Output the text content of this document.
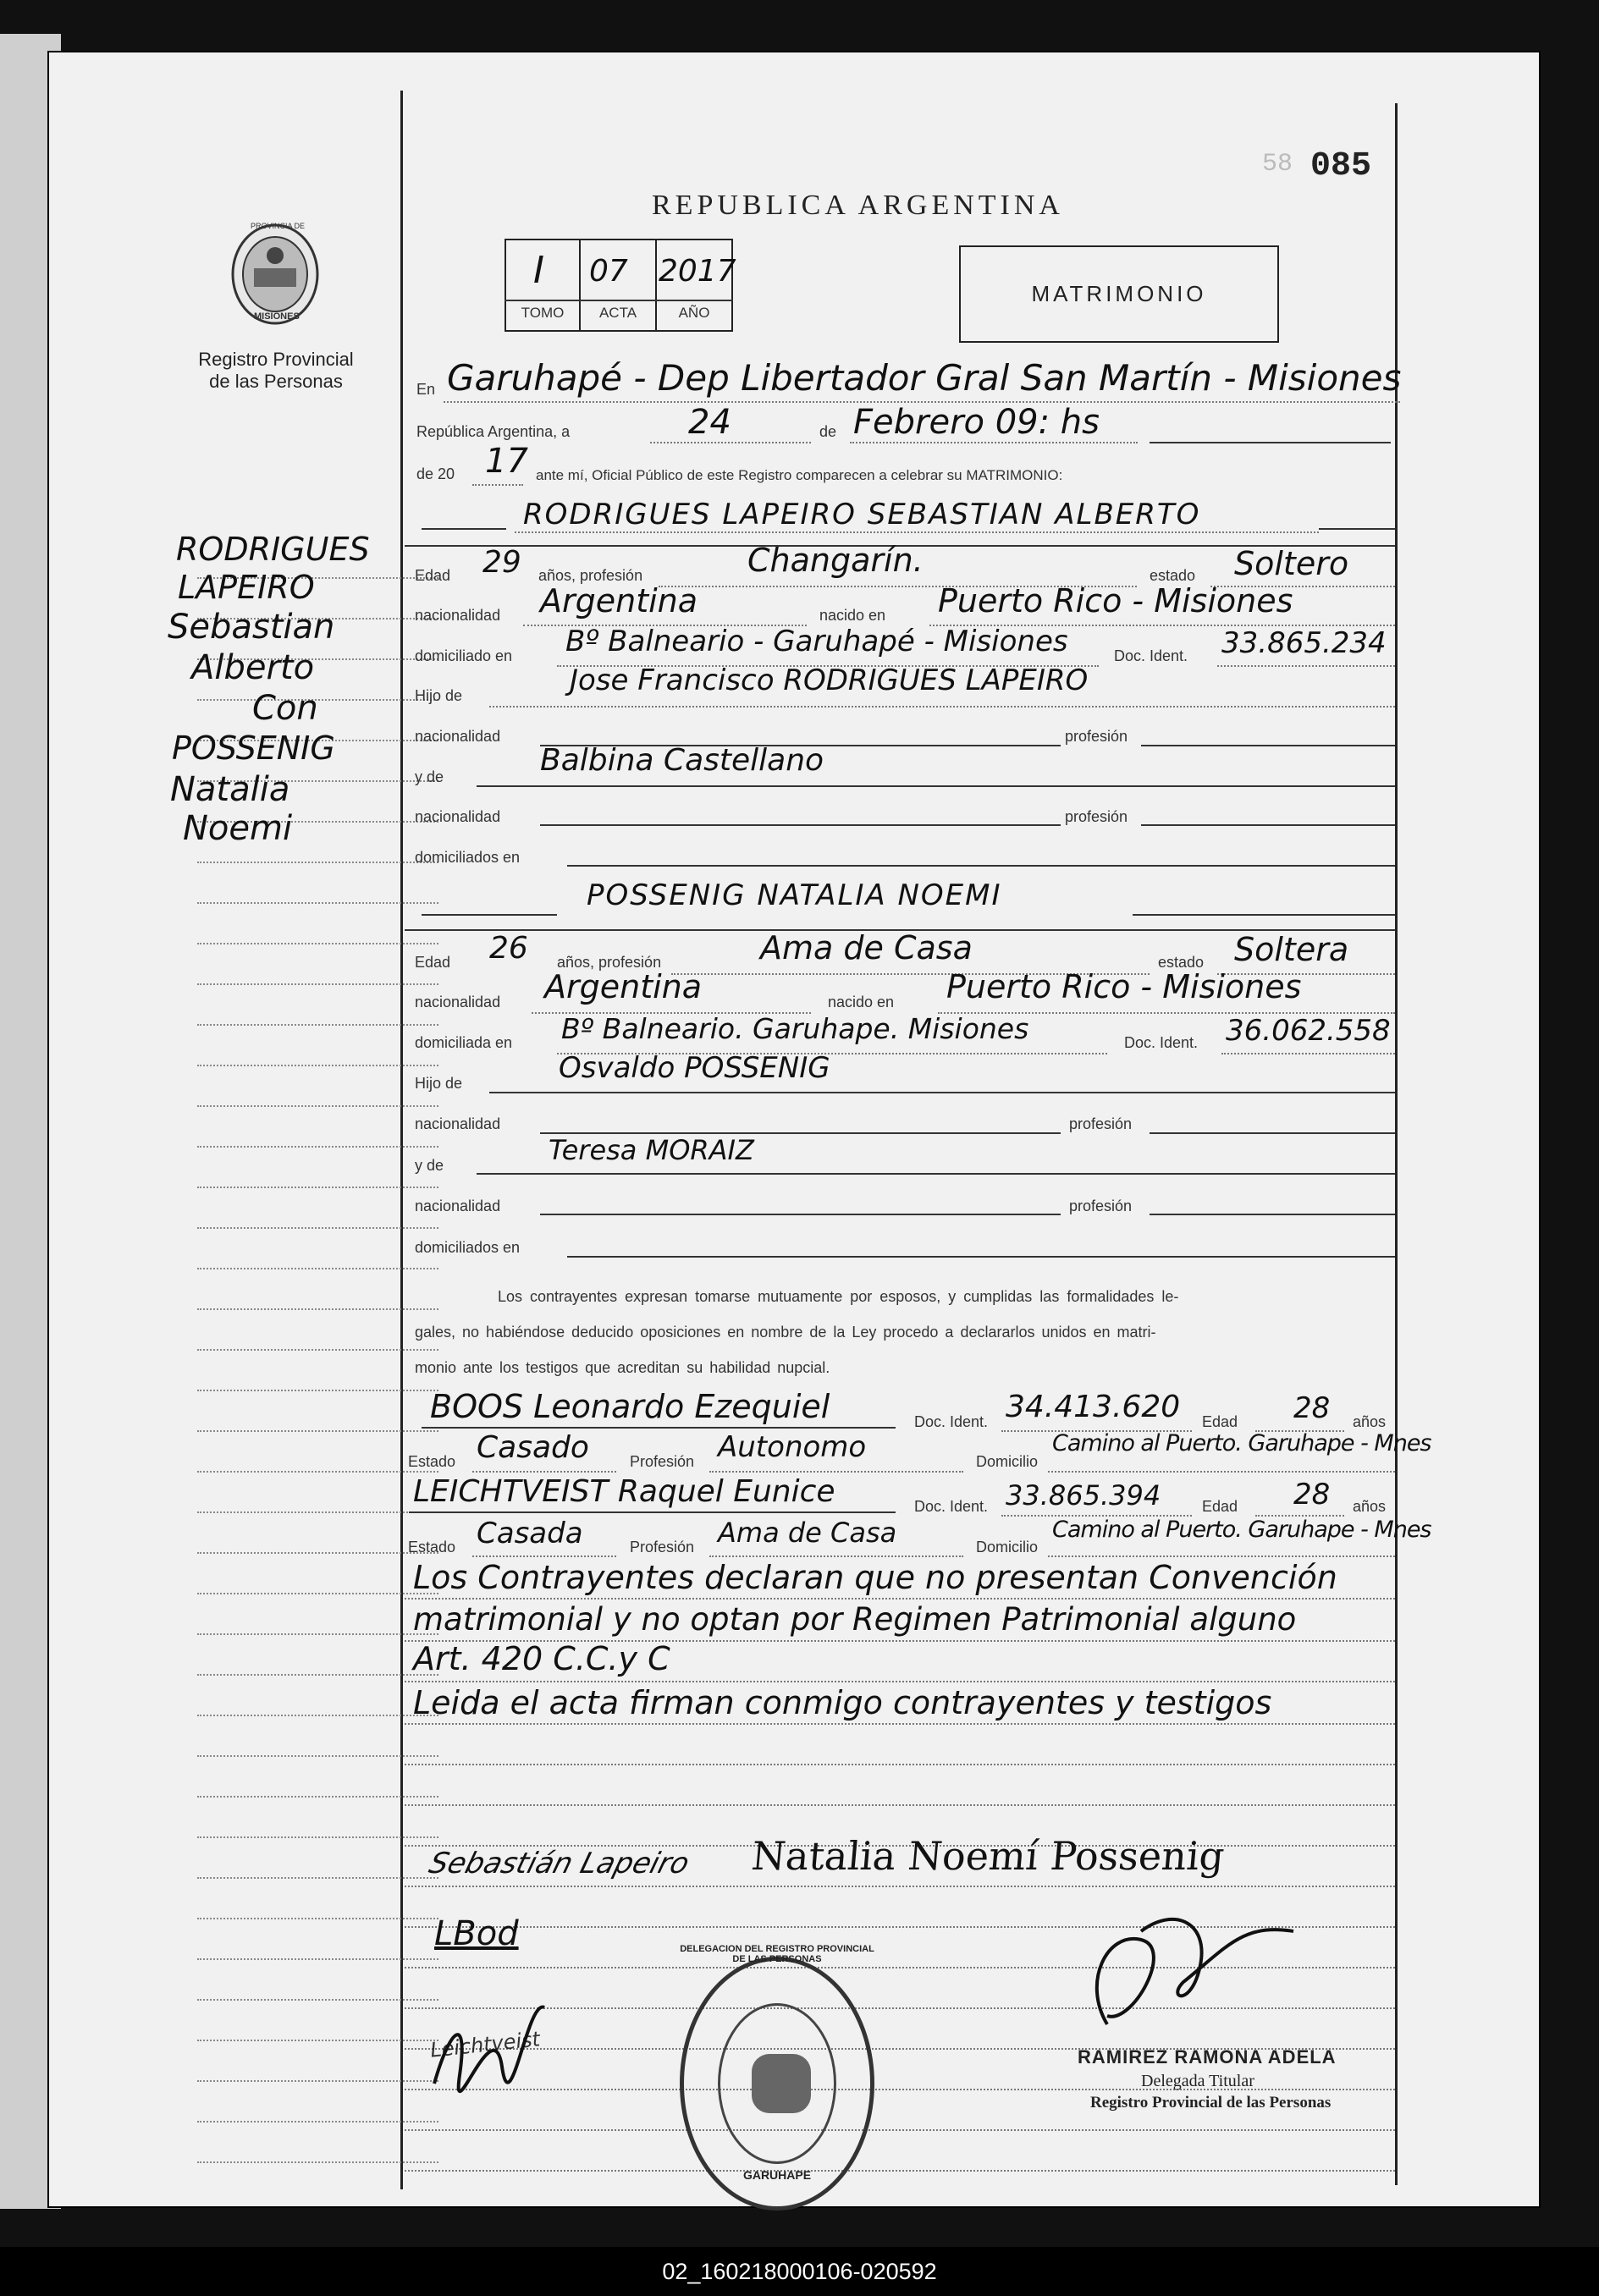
58 085
REPUBLICA ARGENTINA
I 07 2017
TOMO	ACTA	AÑO
MATRIMONIO
PROVINCIA DE
MISIONES
Registro Provincial
de las Personas
RODRIGUES
LAPEIRO
Sebastian
Alberto
Con
POSSENIG
Natalia
Noemi
En Garuhapé - Dep Libertador Gral San Martín - Misiones
República Argentina, a	24	de Febrero 09: hs
de 20 17 ante mí, Oficial Público de este Registro comparecen a celebrar su MATRIMONIO:
RODRIGUES LAPEIRO SEBASTIAN ALBERTO
Edad 29 años, profesión	Changarín.	estado Soltero
nacionalidad Argentina	nacido en Puerto Rico - Misiones
domiciliado en Bº Balneario - Garuhapé - Misiones	Doc. Ident. 33.865.234
Hijo de	Jose Francisco RODRIGUES LAPEIRO
nacionalidad	profesión
y de	Balbina Castellano
nacionalidad	profesión
domiciliados en
POSSENIG NATALIA NOEMI
Edad 26 años, profesión	Ama de Casa	estado Soltera
nacionalidad Argentina	nacido en Puerto Rico - Misiones
domiciliada en Bº Balneario. Garuhape. Misiones	Doc. Ident. 36.062.558
Hijo de	Osvaldo POSSENIG
nacionalidad	profesión
y de	Teresa MORAIZ
nacionalidad	profesión
domiciliados en
Los contrayentes expresan tomarse mutuamente por esposos, y cumplidas las formalidades le-
gales, no habiéndose deducido oposiciones en nombre de la Ley procedo a declararlos unidos en matri-
monio ante los testigos que acreditan su habilidad nupcial.
BOOS Leonardo Ezequiel	Doc. Ident. 34.413.620 Edad 28 años
Estado Casado	Profesión Autonomo	Domicilio
Camino al Puerto. Garuhape - Mnes
LEICHTVEIST Raquel Eunice	Doc. Ident. 33.865.394	Edad 28 años
Estado Casada	Profesión Ama de Casa	Domicilio
Camino al Puerto. Garuhape - Mnes
Los Contrayentes declaran que no presentan Convención
matrimonial y no optan por Regimen Patrimonial alguno
Art. 420 C.C.y C
Leida el acta firman conmigo contrayentes y testigos
Sebastián Lapeiro Natalia Noemí Possenig
LBod
Leichtveist
DELEGACION DEL REGISTRO PROVINCIAL DE LAS PERSONAS
GARUHAPE
RAMIREZ RAMONA ADELA
Delegada Titular
Registro Provincial de las Personas
02_160218000106-020592
